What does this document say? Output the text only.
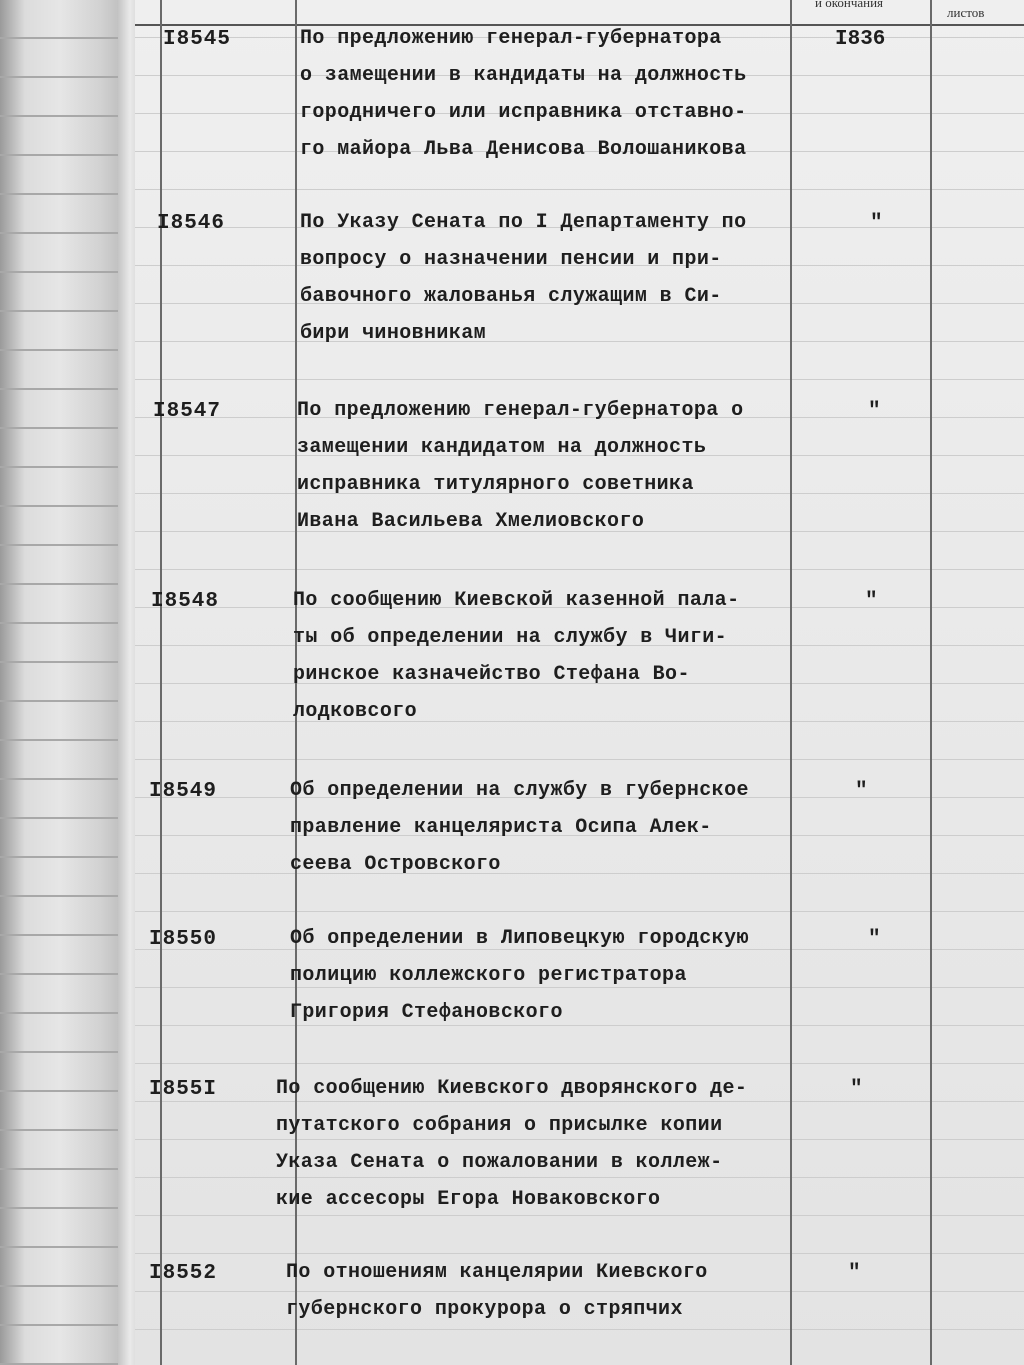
и окончания
листов
I8545	По предложению генерал-губернатора
о замещении в кандидаты на должность
городничего или исправника отставно-
го майора Льва Денисова Волошаникова
I836
I8546	По Указу Сената по I Департаменту по
вопросу о назначении пенсии и при-
бавочного жалованья служащим в Си-
бири чиновникам
"
I8547	По предложению генерал-губернатора о
замещении кандидатом на должность
исправника титулярного советника
Ивана Васильева Хмелиовского
"
I8548	По сообщению Киевской казенной пала-
ты об определении на службу в Чиги-
ринское казначейство Стефана Во-
лодковсого
"
I8549	Об определении на службу в губернское
правление канцеляриста Осипа Алек-
сеева Островского
"
I8550	Об определении в Липовецкую городскую
полицию коллежского регистратора
Григория Стефановского
"
I855I	По сообщению Киевского дворянского де-
путатского собрания о присылке копии
Указа Сената о пожаловании в коллеж-
кие ассесоры Егора Новаковского
"
I8552	По отношениям канцелярии Киевского
губернского прокурора о стряпчих
"
